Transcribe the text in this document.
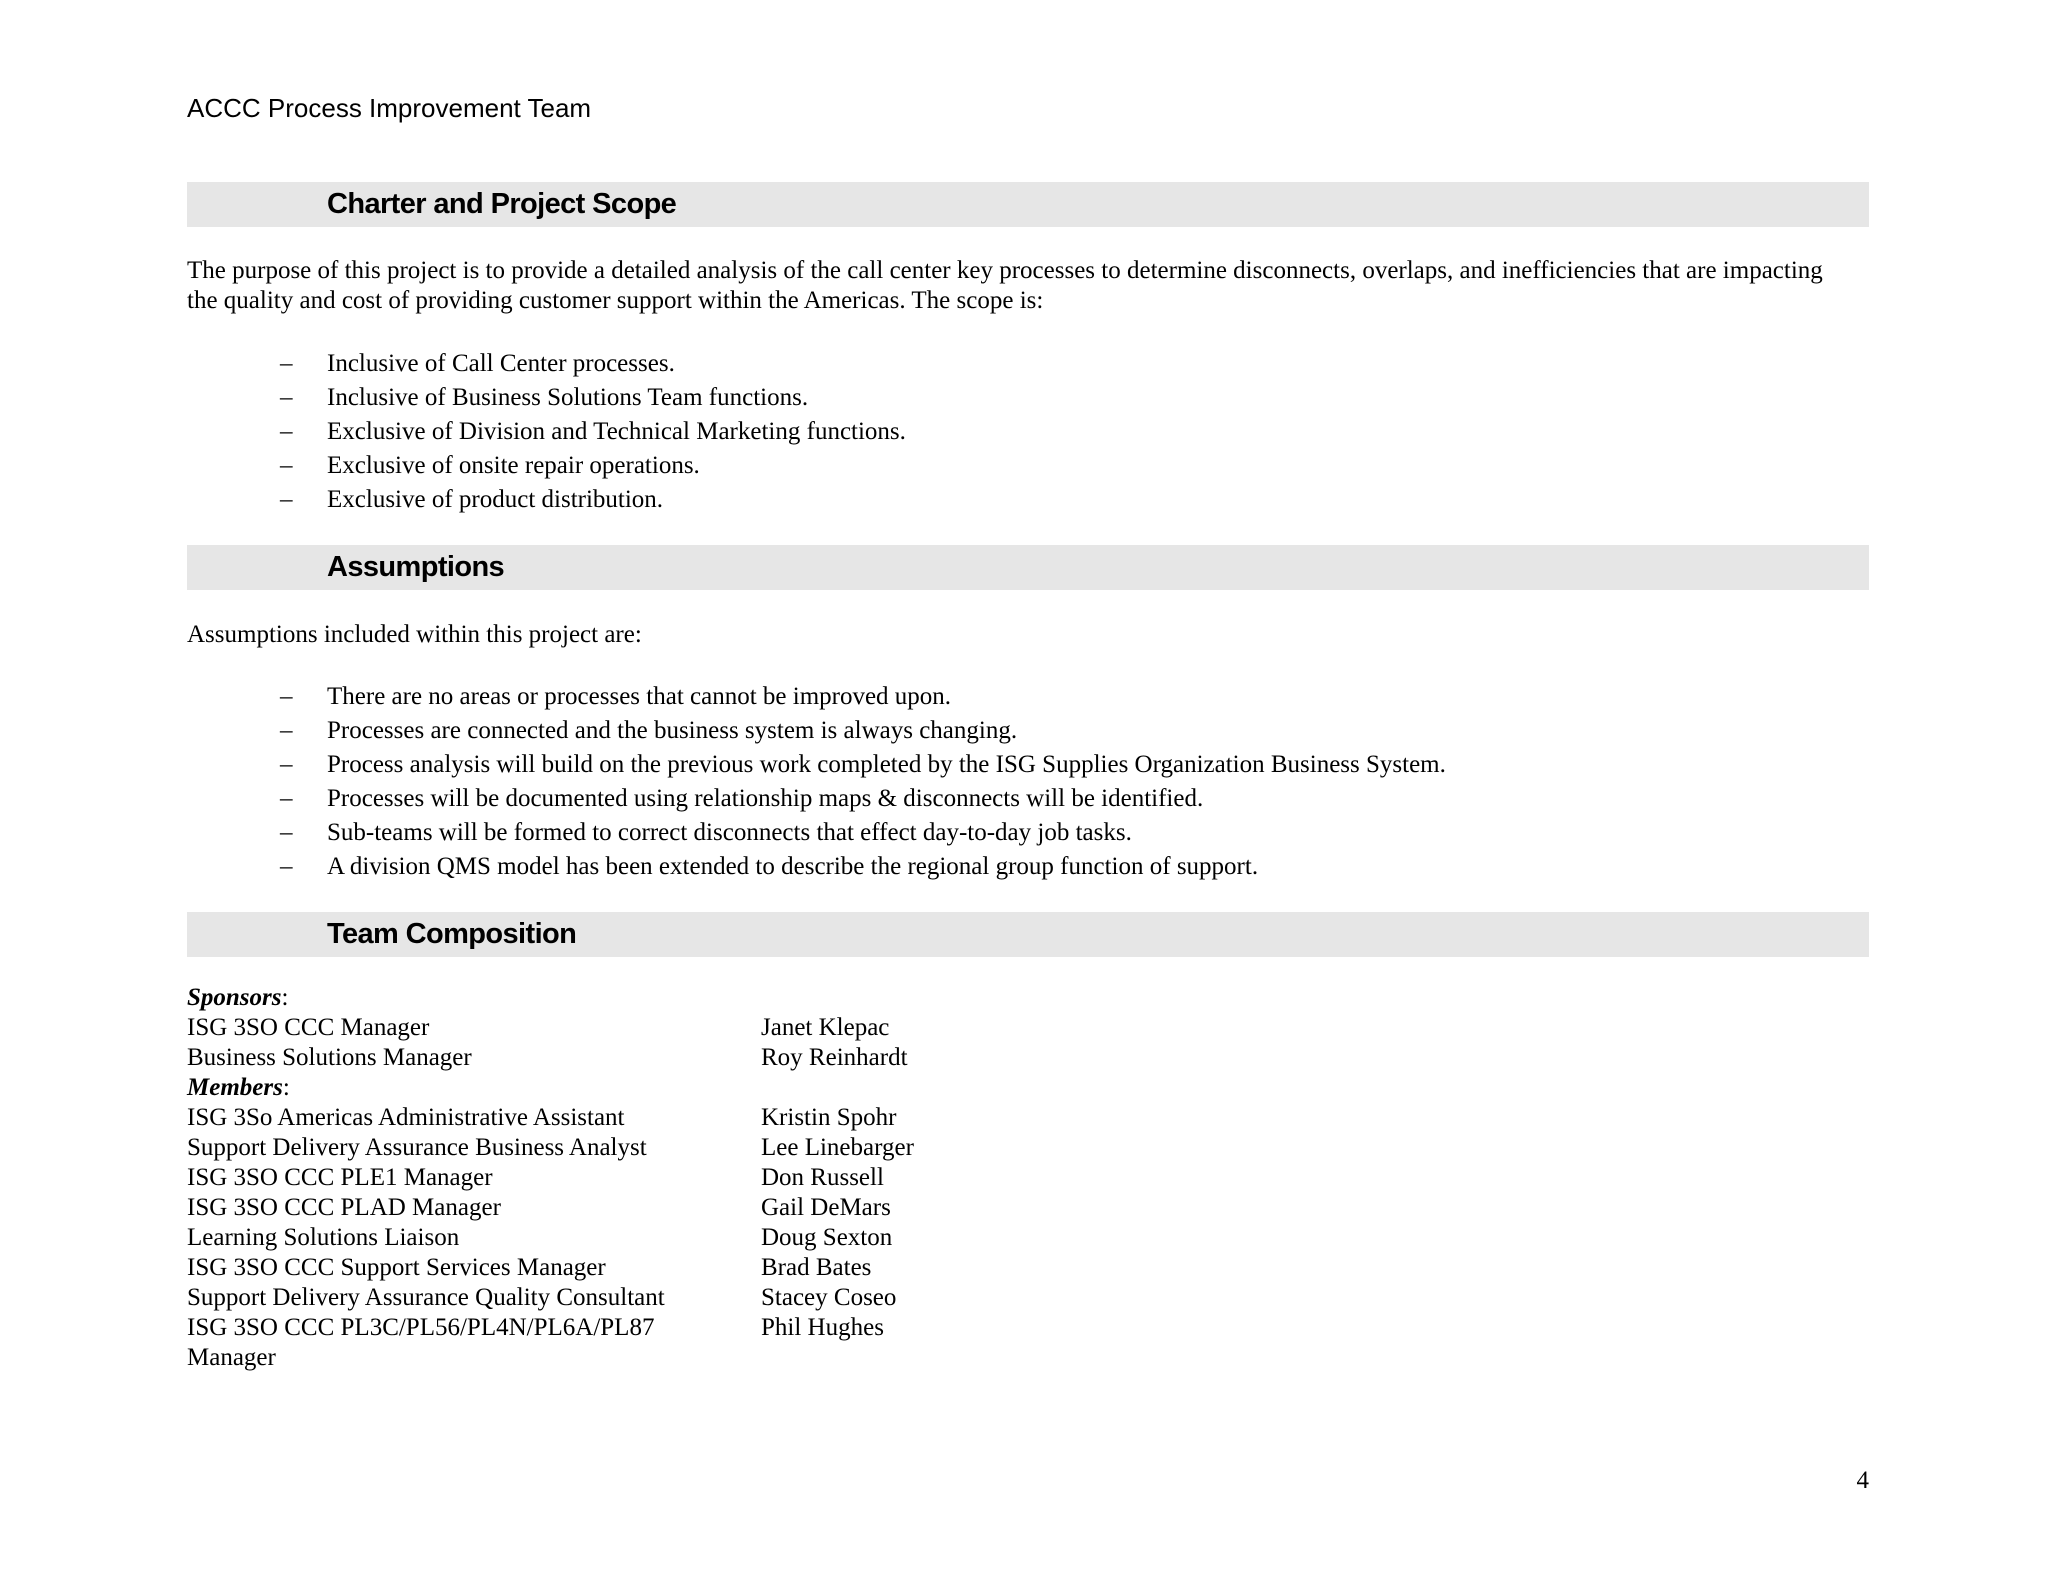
ACCC Process Improvement Team
Charter and Project Scope
The purpose of this project is to provide a detailed analysis of the call center key processes to determine disconnects, overlaps, and inefficiencies that are impacting the quality and cost of providing customer support within the Americas. The scope is:
– Inclusive of Call Center processes.
– Inclusive of Business Solutions Team functions.
– Exclusive of Division and Technical Marketing functions.
– Exclusive of onsite repair operations.
– Exclusive of product distribution.
Assumptions
Assumptions included within this project are:
– There are no areas or processes that cannot be improved upon.
– Processes are connected and the business system is always changing.
– Process analysis will build on the previous work completed by the ISG Supplies Organization Business System.
– Processes will be documented using relationship maps & disconnects will be identified.
– Sub-teams will be formed to correct disconnects that effect day-to-day job tasks.
– A division QMS model has been extended to describe the regional group function of support.
Team Composition
Sponsors:
ISG 3SO CCC Manager	Janet Klepac
Business Solutions Manager	Roy Reinhardt
Members:
ISG 3So Americas Administrative Assistant	Kristin Spohr
Support Delivery Assurance Business Analyst	Lee Linebarger
ISG 3SO CCC PLE1 Manager	Don Russell
ISG 3SO CCC PLAD Manager	Gail DeMars
Learning Solutions Liaison	Doug Sexton
ISG 3SO CCC Support Services Manager	Brad Bates
Support Delivery Assurance Quality Consultant	Stacey Coseo
ISG 3SO CCC PL3C/PL56/PL4N/PL6A/PL87	Phil Hughes
Manager
4
